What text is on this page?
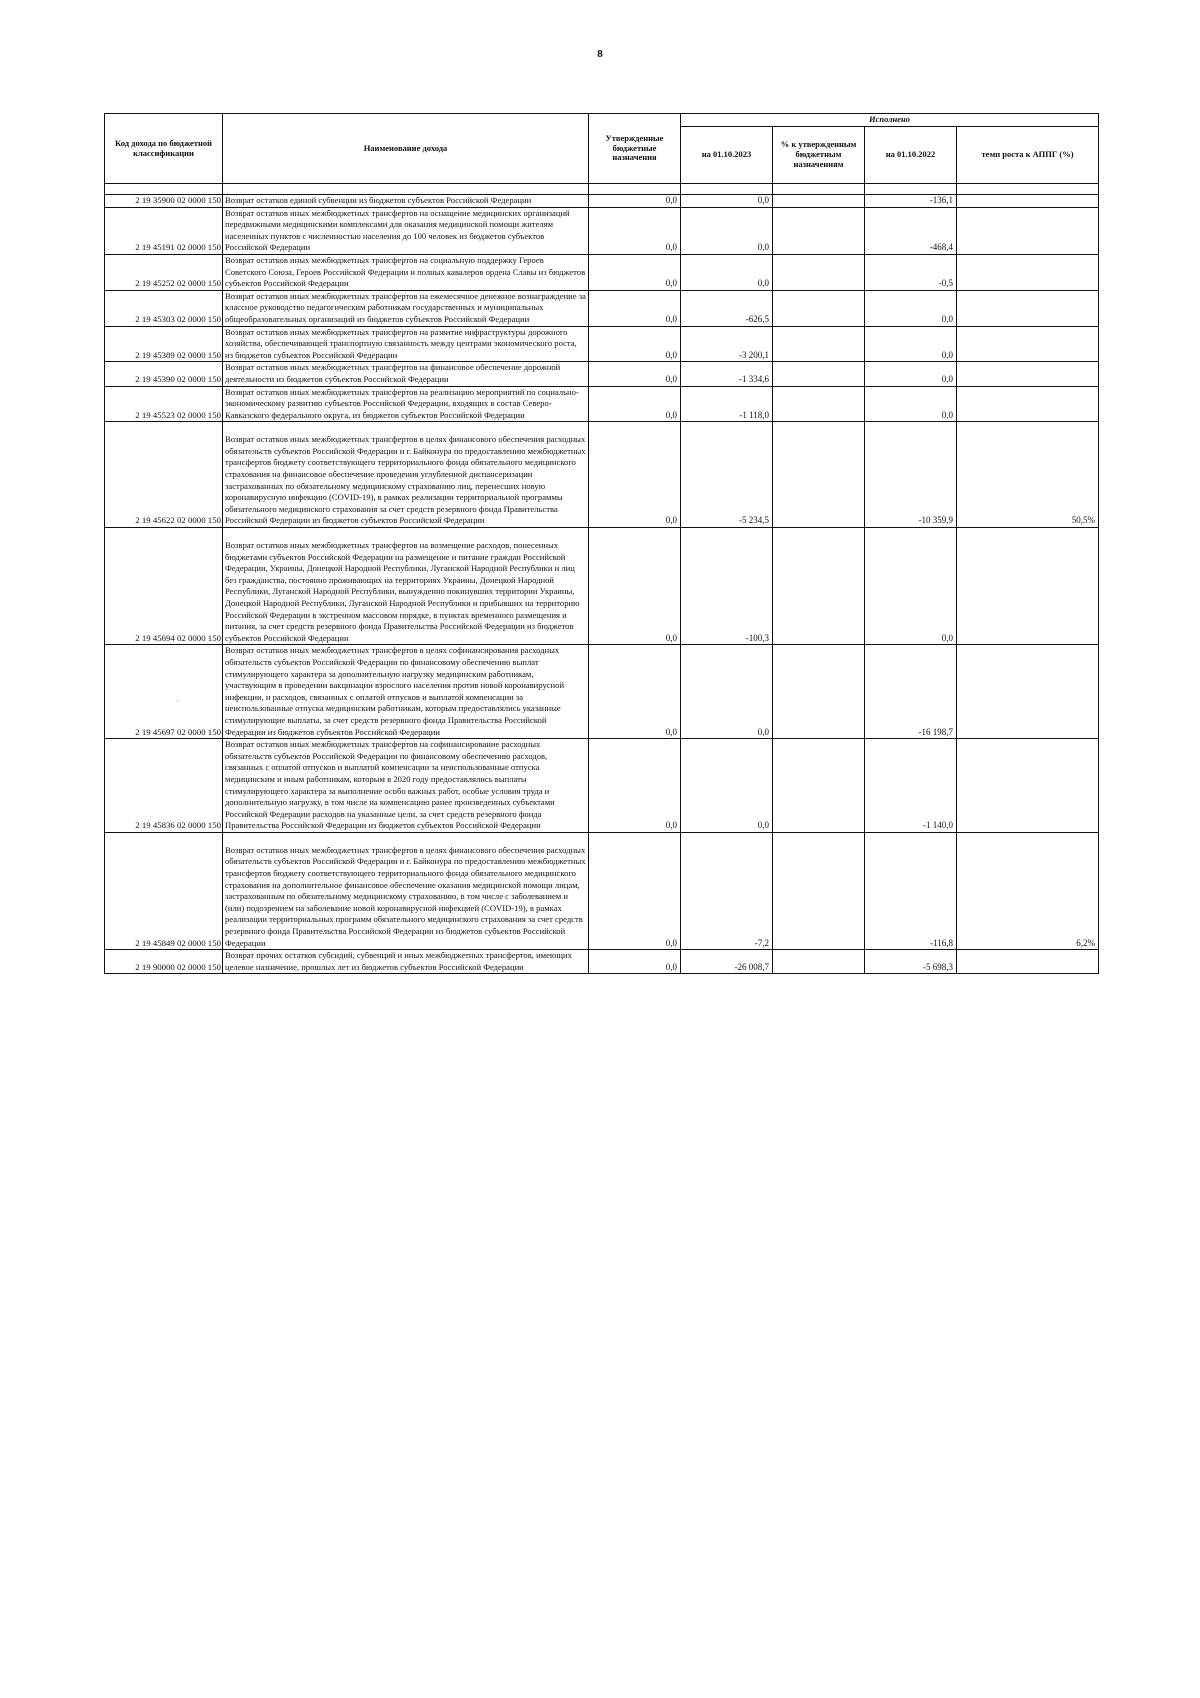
8
Код дохода по бюджетной классификации	Наименование дохода	Утвержденные бюджетные назначения	Исполнено			
			на 01.10.2023	% к утвержденным бюджетным назначениям	на 01.10.2022	темп роста к АППГ (%)

2 19 35900 02 0000 150	Возврат остатков единой субвенции из бюджетов субъектов Российской Федерации	0,0	0,0		-136,1	
2 19 45191 02 0000 150	Возврат остатков иных межбюджетных трансфертов на оснащение медицинских организаций передвижными медицинскими комплексами для оказания медицинской помощи жителям населенных пунктов с численностью населения до 100 человек из бюджетов субъектов Российской Федерации	0,0	0,0		-468,4	
2 19 45252 02 0000 150	Возврат остатков иных межбюджетных трансфертов на социальную поддержку Героев Советского Союза, Героев Российской Федерации и полных кавалеров ордена Славы из бюджетов субъектов Российской Федерации	0,0	0,0		-0,5	
2 19 45303 02 0000 150	Возврат остатков иных межбюджетных трансфертов на ежемесячное денежное вознаграждение за классное руководство педагогическим работникам государственных и муниципальных общеобразовательных организаций из бюджетов субъектов Российской Федерации	0,0	-626,5		0,0	
2 19 45389 02 0000 150	Возврат остатков иных межбюджетных трансфертов на развитие инфраструктуры дорожного хозяйства, обеспечивающей транспортную связанность между центрами экономического роста, из бюджетов субъектов Российской Федерации	0,0	-3 200,1		0,0	
2 19 45390 02 0000 150	Возврат остатков иных межбюджетных трансфертов на финансовое обеспечение дорожной деятельности из бюджетов субъектов Российской Федерации	0,0	-1 334,6		0,0	
2 19 45523 02 0000 150	Возврат остатков иных межбюджетных трансфертов на реализацию мероприятий по социально-экономическому развитию субъектов Российской Федерации, входящих в состав Северо-Кавказского федерального округа, из бюджетов субъектов Российской Федерации	0,0	-1 118,0		0,0	
2 19 45622 02 0000 150	Возврат остатков иных межбюджетных трансфертов в целях финансового обеспечения расходных обязательств субъектов Российской Федерации и г. Байконура по предоставлению межбюджетных трансфертов бюджету соответствующего территориального фонда обязательного медицинского страхования на финансовое обеспечение проведения углубленной диспансеризации застрахованных по обязательному медицинскому страхованию лиц, перенесших новую коронавирусную инфекцию (COVID-19), в рамках реализации территориальной программы обязательного медицинского страхования за счет средств резервного фонда Правительства Российской Федерации из бюджетов субъектов Российской Федерации	0,0	-5 234,5		-10 359,9	50,5%
2 19 45694 02 0000 150	Возврат остатков иных межбюджетных трансфертов на возмещение расходов, понесенных бюджетами субъектов Российской Федерации на размещение и питание граждан Российской Федерации, Украины, Донецкой Народной Республики, Луганской Народной Республики и лиц без гражданства, постоянно проживающих на территориях Украины, Донецкой Народной Республики, Луганской Народной Республики, вынужденно покинувших территории Украины, Донецкой Народной Республики, Луганской Народной Республики и прибывших на территорию Российской Федерации в экстренном массовом порядке, в пунктах временного размещения и питания, за счет средств резервного фонда Правительства Российской Федерации из бюджетов субъектов Российской Федерации	0,0	-100,3		0,0	
2 19 45697 02 0000 150	Возврат остатков иных межбюджетных трансфертов в целях софинансирования расходных обязательств субъектов Российской Федерации по финансовому обеспечению выплат стимулирующего характера за дополнительную нагрузку медицинским работникам, участвующим в проведении вакцинации взрослого населения против новой коронавирусной инфекции, и расходов, связанных с оплатой отпусков и выплатой компенсации за неиспользованные отпуска медицинским работникам, которым предоставлялись указанные стимулирующие выплаты, за счет средств резервного фонда Правительства Российской Федерации из бюджетов субъектов Российской Федерации	0,0	0,0		-16 198,7	
2 19 45836 02 0000 150	Возврат остатков иных межбюджетных трансфертов на софинансирование расходных обязательств субъектов Российской Федерации по финансовому обеспечению расходов, связанных с оплатой отпусков и выплатой компенсации за неиспользованные отпуска медицинским и иным работникам, которым в 2020 году предоставлялись выплаты стимулирующего характера за выполнение особо важных работ, особые условия труда и дополнительную нагрузку, в том числе на компенсацию ранее произведенных субъектами Российской Федерации расходов на указанные цели, за счет средств резервного фонда Правительства Российской Федерации из бюджетов субъектов Российской Федерации	0,0	0,0		-1 140,0	
2 19 45849 02 0000 150	Возврат остатков иных межбюджетных трансфертов в целях финансового обеспечения расходных обязательств субъектов Российской Федерации и г. Байконура по предоставлению межбюджетных трансфертов бюджету соответствующего территориального фонда обязательного медицинского страхования на дополнительное финансовое обеспечение оказания медицинской помощи лицам, застрахованным по обязательному медицинскому страхованию, в том числе с заболеванием и (или) подозрением на заболевание новой коронавирусной инфекцией (COVID-19), в рамках реализации территориальных программ обязательного медицинского страхования за счет средств резервного фонда Правительства Российской Федерации из бюджетов субъектов Российской Федерации	0,0	-7,2		-116,8	6,2%
2 19 90000 02 0000 150	Возврат прочих остатков субсидий, субвенций и иных межбюджетных трансфертов, имеющих целевое назначение, прошлых лет из бюджетов субъектов Российской Федерации	0,0	-26 008,7		-5 698,3	
·
